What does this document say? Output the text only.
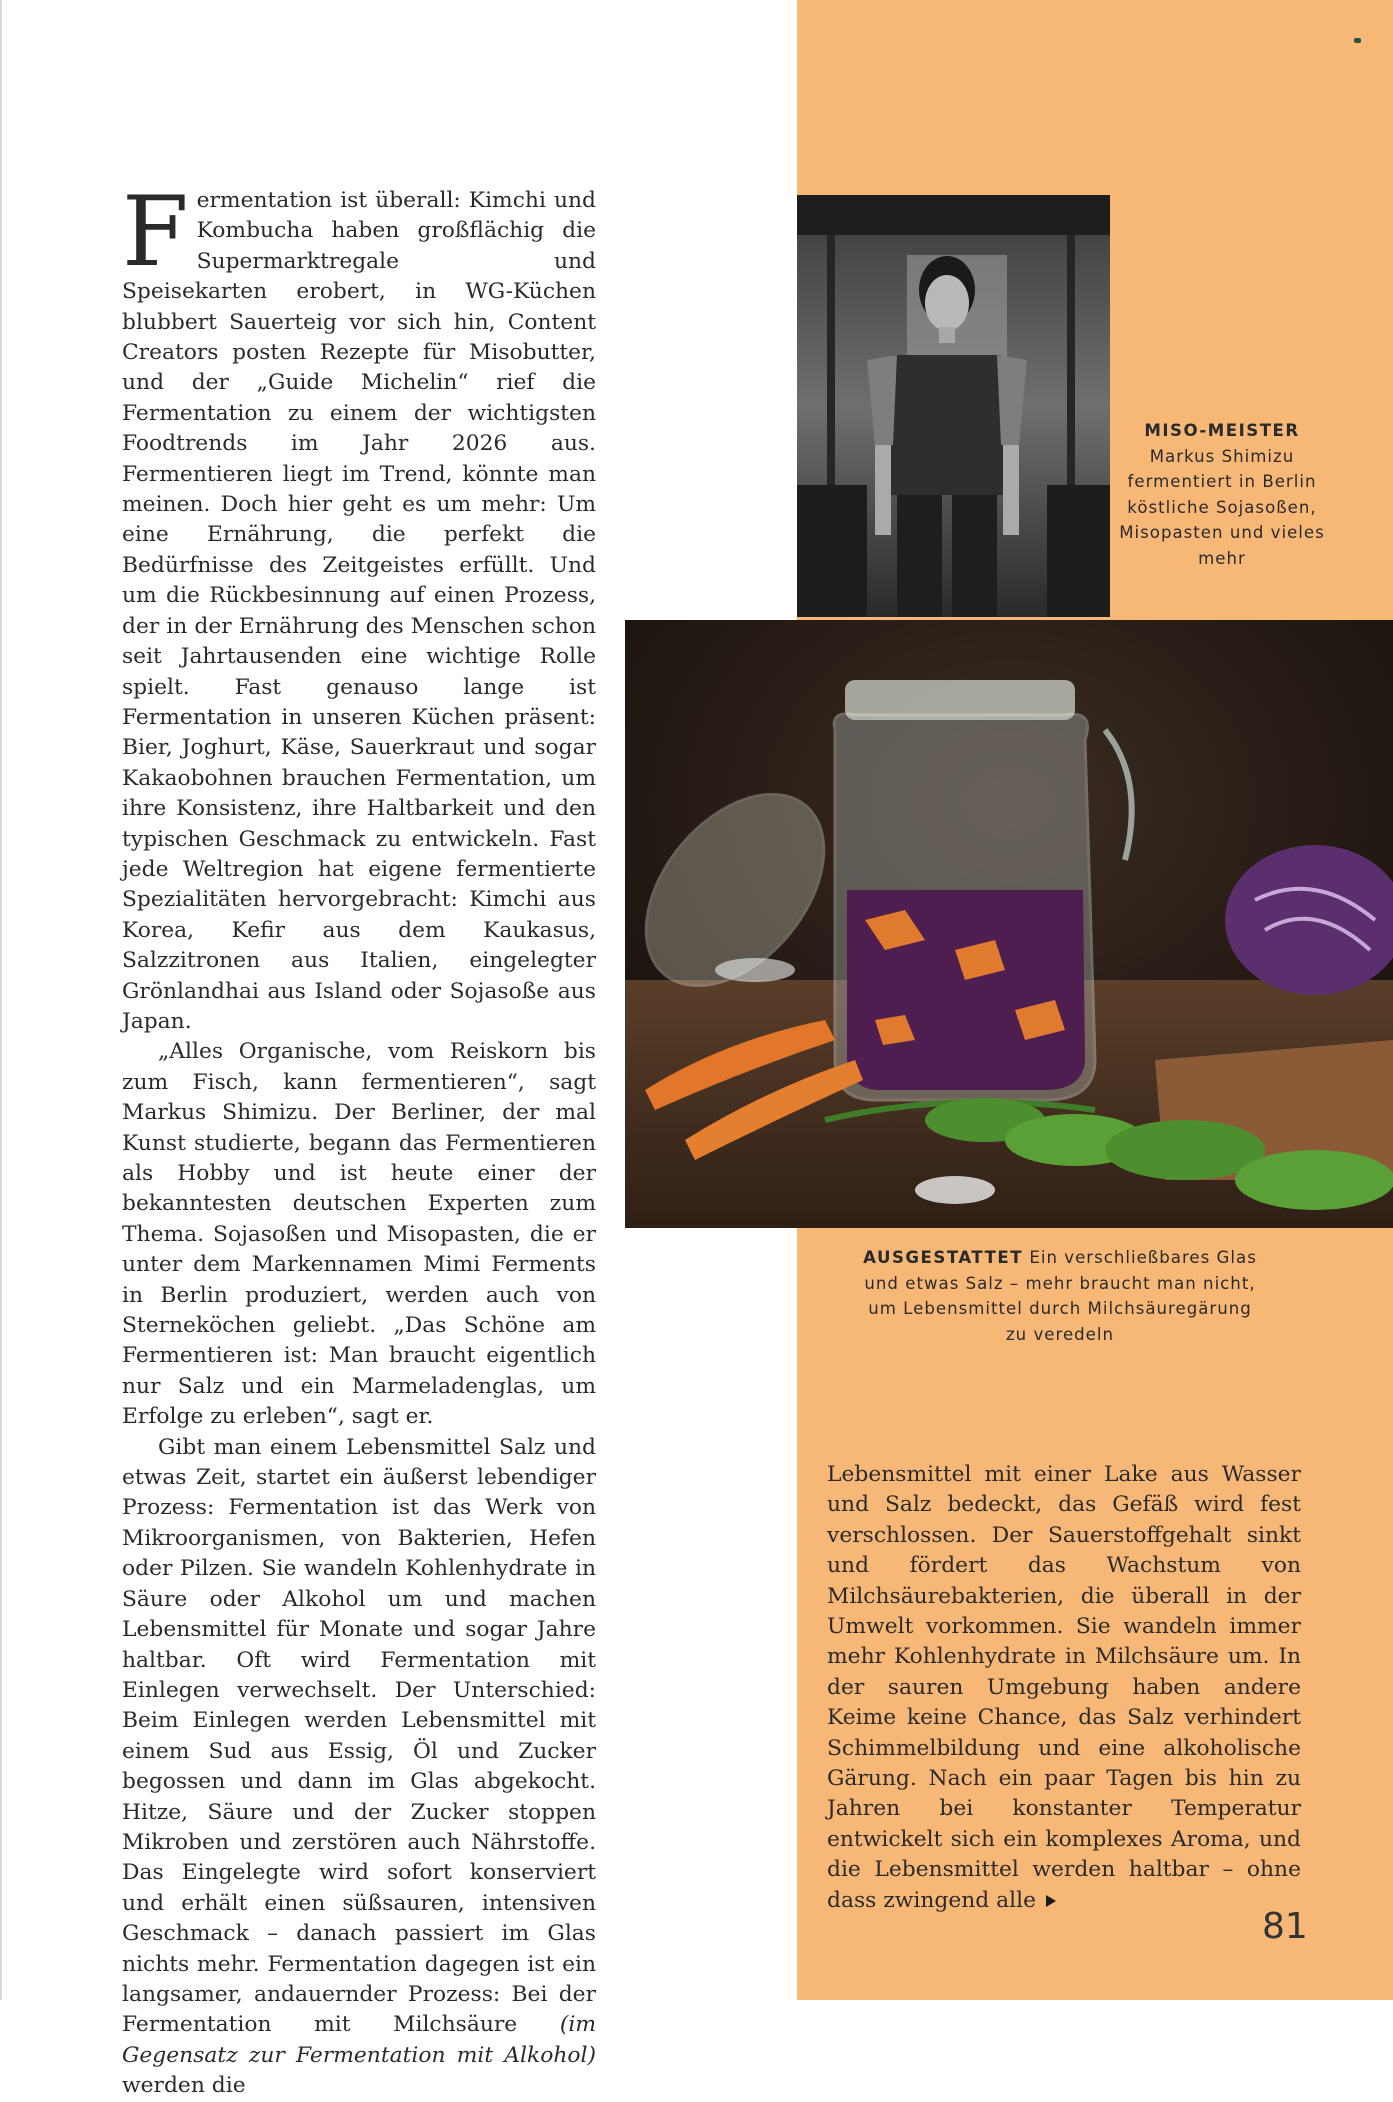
Fermentation ist überall: Kimchi und Kombucha haben großflächig die Supermarktregale und Speisekarten erobert, in WG-Küchen blubbert Sauerteig vor sich hin, Content Creators posten Rezepte für Misobutter, und der „Guide Michelin“ rief die Fermentation zu einem der wichtigsten Foodtrends im Jahr 2026 aus. Fermentieren liegt im Trend, könnte man meinen. Doch hier geht es um mehr: Um eine Ernährung, die perfekt die Bedürfnisse des Zeitgeistes erfüllt. Und um die Rückbesinnung auf einen Prozess, der in der Ernährung des Menschen schon seit Jahrtausenden eine wichtige Rolle spielt. Fast genauso lange ist Fermentation in unseren Küchen präsent: Bier, Joghurt, Käse, Sauerkraut und sogar Kakaobohnen brauchen Fermentation, um ihre Konsistenz, ihre Haltbarkeit und den typischen Geschmack zu entwickeln. Fast jede Weltregion hat eigene fermentierte Spezialitäten hervorgebracht: Kimchi aus Korea, Kefir aus dem Kaukasus, Salzzitronen aus Italien, eingelegter Grönlandhai aus Island oder Sojasoße aus Japan.

„Alles Organische, vom Reiskorn bis zum Fisch, kann fermentieren“, sagt Markus Shimizu. Der Berliner, der mal Kunst studierte, begann das Fermentieren als Hobby und ist heute einer der bekanntesten deutschen Experten zum Thema. Sojasoßen und Misopasten, die er unter dem Markennamen Mimi Ferments in Berlin produziert, werden auch von Sterneköchen geliebt. „Das Schöne am Fermentieren ist: Man braucht eigentlich nur Salz und ein Marmeladenglas, um Erfolge zu erleben“, sagt er.

Gibt man einem Lebensmittel Salz und etwas Zeit, startet ein äußerst lebendiger Prozess: Fermentation ist das Werk von Mikroorganismen, von Bakterien, Hefen oder Pilzen. Sie wandeln Kohlenhydrate in Säure oder Alkohol um und machen Lebensmittel für Monate und sogar Jahre haltbar. Oft wird Fermentation mit Einlegen verwechselt. Der Unterschied: Beim Einlegen werden Lebensmittel mit einem Sud aus Essig, Öl und Zucker begossen und dann im Glas abgekocht. Hitze, Säure und der Zucker stoppen Mikroben und zerstören auch Nährstoffe. Das Eingelegte wird sofort konserviert und erhält einen süßsauren, intensiven Geschmack – danach passiert im Glas nichts mehr. Fermentation dagegen ist ein langsamer, andauernder Prozess: Bei der Fermentation mit Milchsäure (im Gegensatz zur Fermentation mit Alkohol) werden die

MISO-MEISTER
Markus Shimizu fermentiert in Berlin köstliche Sojasoßen, Misopasten und vieles mehr
AUSGESTATTET Ein verschließbares Glas und etwas Salz – mehr braucht man nicht, um Lebensmittel durch Milchsäuregärung zu veredeln

Lebensmittel mit einer Lake aus Wasser und Salz bedeckt, das Gefäß wird fest verschlossen. Der Sauerstoffgehalt sinkt und fördert das Wachstum von Milchsäurebakterien, die überall in der Umwelt vorkommen. Sie wandeln immer mehr Kohlenhydrate in Milchsäure um. In der sauren Umgebung haben andere Keime keine Chance, das Salz verhindert Schimmelbildung und eine alkoholische Gärung. Nach ein paar Tagen bis hin zu Jahren bei konstanter Temperatur entwickelt sich ein komplexes Aroma, und die Lebensmittel werden haltbar – ohne dass zwingend alle

81
